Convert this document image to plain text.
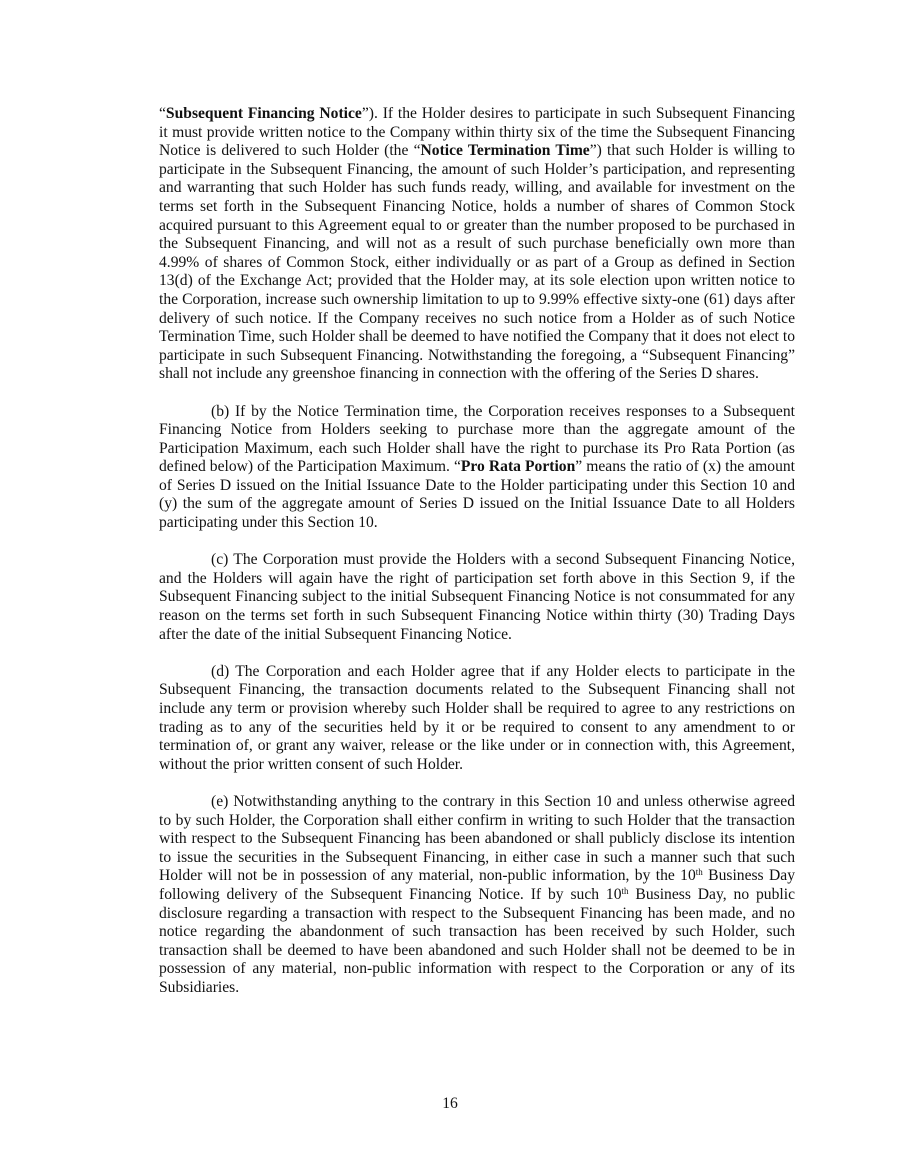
“Subsequent Financing Notice”). If the Holder desires to participate in such Subsequent Financing it must provide written notice to the Company within thirty six of the time the Subsequent Financing Notice is delivered to such Holder (the “Notice Termination Time”) that such Holder is willing to participate in the Subsequent Financing, the amount of such Holder’s participation, and representing and warranting that such Holder has such funds ready, willing, and available for investment on the terms set forth in the Subsequent Financing Notice, holds a number of shares of Common Stock acquired pursuant to this Agreement equal to or greater than the number proposed to be purchased in the Subsequent Financing, and will not as a result of such purchase beneficially own more than 4.99% of shares of Common Stock, either individually or as part of a Group as defined in Section 13(d) of the Exchange Act; provided that the Holder may, at its sole election upon written notice to the Corporation, increase such ownership limitation to up to 9.99% effective sixty-one (61) days after delivery of such notice. If the Company receives no such notice from a Holder as of such Notice Termination Time, such Holder shall be deemed to have notified the Company that it does not elect to participate in such Subsequent Financing. Notwithstanding the foregoing, a “Subsequent Financing” shall not include any greenshoe financing in connection with the offering of the Series D shares.

(b) If by the Notice Termination time, the Corporation receives responses to a Subsequent Financing Notice from Holders seeking to purchase more than the aggregate amount of the Participation Maximum, each such Holder shall have the right to purchase its Pro Rata Portion (as defined below) of the Participation Maximum. “Pro Rata Portion” means the ratio of (x) the amount of Series D issued on the Initial Issuance Date to the Holder participating under this Section 10 and (y) the sum of the aggregate amount of Series D issued on the Initial Issuance Date to all Holders participating under this Section 10.

(c) The Corporation must provide the Holders with a second Subsequent Financing Notice, and the Holders will again have the right of participation set forth above in this Section 9, if the Subsequent Financing subject to the initial Subsequent Financing Notice is not consummated for any reason on the terms set forth in such Subsequent Financing Notice within thirty (30) Trading Days after the date of the initial Subsequent Financing Notice.

(d) The Corporation and each Holder agree that if any Holder elects to participate in the Subsequent Financing, the transaction documents related to the Subsequent Financing shall not include any term or provision whereby such Holder shall be required to agree to any restrictions on trading as to any of the securities held by it or be required to consent to any amendment to or termination of, or grant any waiver, release or the like under or in connection with, this Agreement, without the prior written consent of such Holder.

(e) Notwithstanding anything to the contrary in this Section 10 and unless otherwise agreed to by such Holder, the Corporation shall either confirm in writing to such Holder that the transaction with respect to the Subsequent Financing has been abandoned or shall publicly disclose its intention to issue the securities in the Subsequent Financing, in either case in such a manner such that such Holder will not be in possession of any material, non-public information, by the 10th Business Day following delivery of the Subsequent Financing Notice. If by such 10th Business Day, no public disclosure regarding a transaction with respect to the Subsequent Financing has been made, and no notice regarding the abandonment of such transaction has been received by such Holder, such transaction shall be deemed to have been abandoned and such Holder shall not be deemed to be in possession of any material, non-public information with respect to the Corporation or any of its Subsidiaries.

16
